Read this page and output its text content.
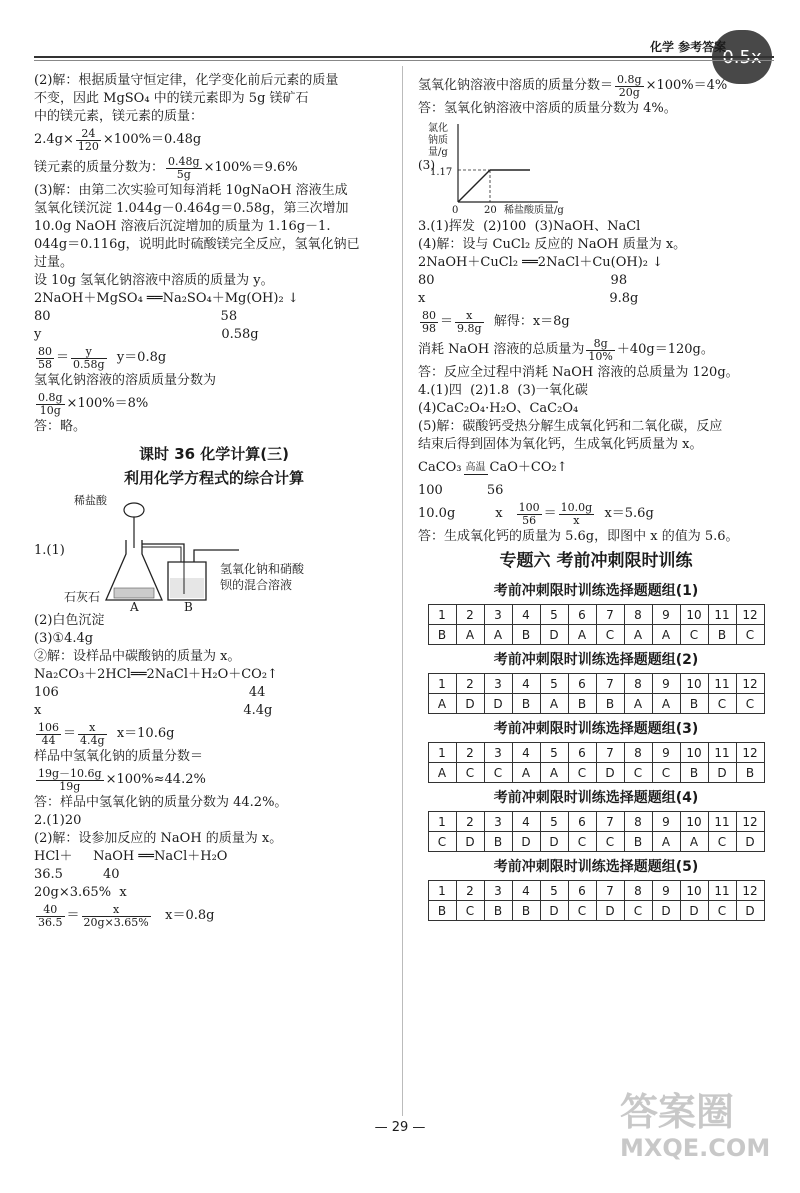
化学 参考答案
(2)解：根据质量守恒定律，化学变化前后元素的质量
不变，因此 MgSO₄ 中的镁元素即为 5g 镁矿石
中的镁元素，镁元素的质量：
$2.4g\times \frac{24}{120} \times 100\%=0.48g$
镁元素的质量分数为： $\frac{0.48g}{5g} \times 100\%=9.6\%$
(3)解：由第二次实验可知每消耗 10gNaOH 溶液生成
氢氧化镁沉淀 1.044g－0.464g＝0.58g，第三次增加
10.0g NaOH 溶液后沉淀增加的质量为 1.16g－1.
044g＝0.116g，说明此时硫酸镁完全反应，氢氧化钠已
过量。
设 10g 氢氧化钠溶液中溶质的质量为 y。
2NaOH＋MgSO₄ ══Na₂SO₄＋Mg(OH)₂ ↓
80	58
y	0.58g
$\frac{80}{58} = \frac{y}{0.58g} y=0.8g$
氢氧化钠溶液的溶质质量分数为
$\frac{0.8g}{10g} \times 100\%=8\%$
答：略。
课时 36 化学计算(三)
利用化学方程式的综合计算
稀盐酸
1.(1)
石灰石
氢氧化钠和硝酸
钡的混合溶液
A	B
(2)白色沉淀
(3)①4.4g
②解：设样品中碳酸钠的质量为 x。
Na₂CO₃＋2HCl══2NaCl＋H₂O＋CO₂↑
106	44
x	4.4g
$\frac{106}{44} = \frac{x}{4.4g} x=10.6g$
样品中氢氧化钠的质量分数＝
$\frac{19g-10.6g}{19g} \times 100\%\approx 44.2\%$
答：样品中氢氧化钠的质量分数为 44.2%。
2.(1)20
(2)解：设参加反应的 NaOH 的质量为 x。
HCl＋     NaOH ══NaCl＋H₂O
36.5	40
20g×3.65%  x
$\frac{40}{36.5} = \frac{x}{20g\times 3.65\%} x=0.8g$
氢氧化钠溶液中溶质的质量分数＝ $\frac{0.8g}{20g} \times 100\%=4\%$
答：氢氧化钠溶液中溶质的质量分数为 4%。
氯化
钠质
量/g
(3)
1.17
0	20 稀盐酸质量/g
3.(1)挥发  (2)100  (3)NaOH、NaCl
(4)解：设与 CuCl₂ 反应的 NaOH 质量为 x。
2NaOH＋CuCl₂ ══2NaCl＋Cu(OH)₂ ↓
80	98
x	9.8g
$\frac{80}{98} = \frac{x}{9.8g}$ 解得：x＝8g
消耗 NaOH 溶液的总质量为 $\frac{8g}{10\%} +40g=120g$。
答：反应全过程中消耗 NaOH 溶液的总质量为 120g。
4.(1)四  (2)1.8  (3)一氧化碳
(4)CaC₂O₄·H₂O、CaC₂O₄
(5)解：碳酸钙受热分解生成氧化钙和二氧化碳，反应
结束后得到固体为氧化钙，生成氧化钙质量为 x。
CaCO₃ 高温 CaO＋CO₂↑
100	56
10.0g	x $\frac{100}{56} = \frac{10.0g}{x} x=5.6g$
答：生成氧化钙的质量为 5.6g，即图中 x 的值为 5.6。
专题六 考前冲刺限时训练
考前冲刺限时训练选择题题组(1)
1	2	3	4	5	6	7	8	9	10	11	12
B	A	A	B	D	A	C	A	A	C	B	C
考前冲刺限时训练选择题题组(2)
1	2	3	4	5	6	7	8	9	10	11	12
A	D	D	B	A	B	B	A	A	B	C	C
考前冲刺限时训练选择题题组(3)
1	2	3	4	5	6	7	8	9	10	11	12
A	C	C	A	A	C	D	C	C	B	D	B
考前冲刺限时训练选择题题组(4)
1	2	3	4	5	6	7	8	9	10	11	12
C	D	B	D	D	C	C	B	A	A	C	D
考前冲刺限时训练选择题题组(5)
1	2	3	4	5	6	7	8	9	10	11	12
B	C	B	B	D	C	D	C	D	D	C	D
— 29 —	答案圈
MXQE.COM
